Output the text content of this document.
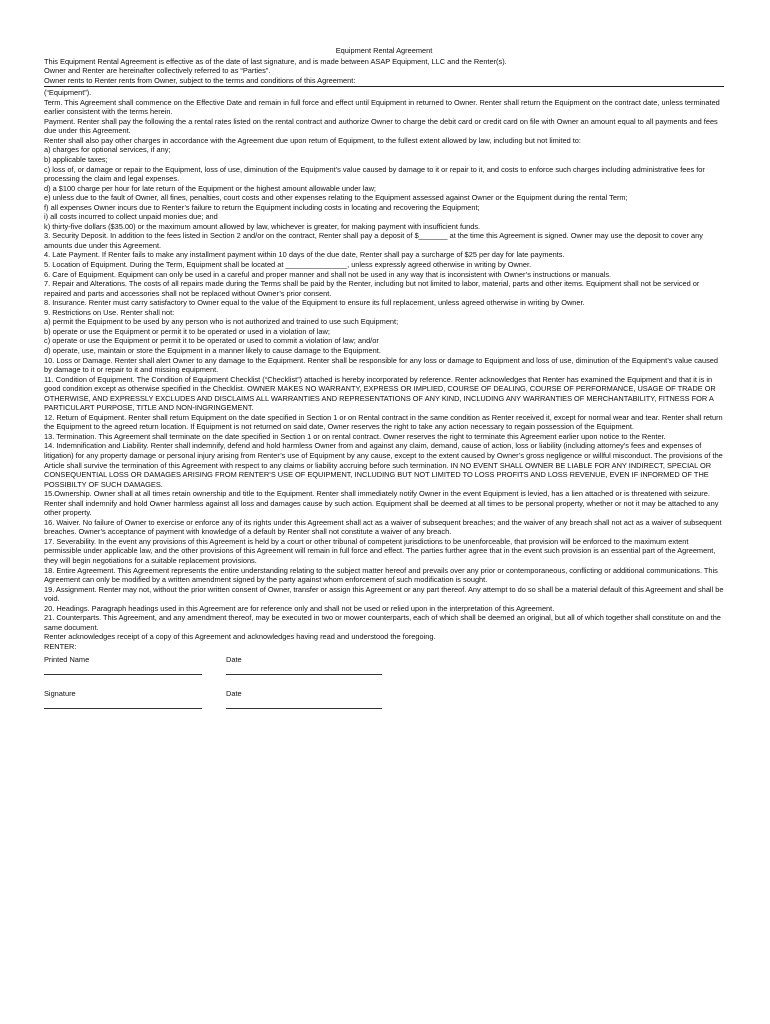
Equipment Rental Agreement
This Equipment Rental Agreement is effective as of the date of last signature, and is made between ASAP Equipment, LLC and the Renter(s).
Owner and Renter are hereinafter collectively referred to as “Parties”.
Owner rents to Renter rents from Owner, subject to the terms and conditions of this Agreement:
(“Equipment”).
Term. This Agreement shall commence on the Effective Date and remain in full force and effect until Equipment in returned to Owner. Renter shall return the Equipment on the contract date, unless terminated earlier consistent with the terms herein.
Payment. Renter shall pay the following the a rental rates listed on the rental contract and authorize Owner to charge the debit card or credit card on file with Owner an amount equal to all payments and fees due under this Agreement.
Renter shall also pay other charges in accordance with the Agreement due upon return of Equipment, to the fullest extent allowed by law, including but not limited to:
a) charges for optional services, if any;
b) applicable taxes;
c) loss of, or damage or repair to the Equipment, loss of use, diminution of the Equipment’s value caused by damage to it or repair to it, and costs to enforce such charges including administrative fees for processing the claim and legal expenses.
d) a $100 charge per hour for late return of the Equipment or the highest amount allowable under law;
e) unless due to the fault of Owner, all fines, penalties, court costs and other expenses relating to the Equipment assessed against Owner or the Equipment during the rental Term;
f) all expenses Owner incurs due to Renter’s failure to return the Equipment including costs in locating and recovering the Equipment;
i) all costs incurred to collect unpaid monies due; and
k) thirty-five dollars ($35.00) or the maximum amount allowed by law, whichever is greater, for making payment with insufficient funds.
3. Security Deposit. In addition to the fees listed in Section 2 and/or on the contract, Renter shall pay a deposit of $_______ at the time this Agreement is signed. Owner may use the deposit to cover any amounts due under this Agreement.
4. Late Payment. If Renter fails to make any installment payment within 10 days of the due date, Renter shall pay a surcharge of $25 per day for late payments.
5. Location of Equipment. During the Term, Equipment shall be located at _______________, unless expressly agreed otherwise in writing by Owner.
6. Care of Equipment. Equipment can only be used in a careful and proper manner and shall not be used in any way that is inconsistent with Owner’s instructions or manuals.
7. Repair and Alterations. The costs of all repairs made during the Terms shall be paid by the Renter, including but not limited to labor, material, parts and other items. Equipment shall not be serviced or repaired and parts and accessories shall not be replaced without Owner’s prior consent.
8. Insurance. Renter must carry satisfactory to Owner equal to the value of the Equipment to ensure its full replacement, unless agreed otherwise in writing by Owner.
9. Restrictions on Use. Renter shall not:
a) permit the Equipment to be used by any person who is not authorized and trained to use such Equipment;
b) operate or use the Equipment or permit it to be operated or used in a violation of law;
c) operate or use the Equipment or permit it to be operated or used to commit a violation of law; and/or
d) operate, use, maintain or store the Equipment in a manner likely to cause damage to the Equipment.
10. Loss or Damage. Renter shall alert Owner to any damage to the Equipment. Renter shall be responsible for any loss or damage to Equipment and loss of use, diminution of the Equipment’s value caused by damage to it or repair to it and missing equipment.
11. Condition of Equipment. The Condition of Equipment Checklist (“Checklist”) attached is hereby incorporated by reference. Renter acknowledges that Renter has examined the Equipment and that it is in good condition except as otherwise specified in the Checklist. OWNER MAKES NO WARRANTY, EXPRESS OR IMPLIED, COURSE OF DEALING, COURSE OF PERFORMANCE, USAGE OF TRADE OR OTHERWISE, AND EXPRESSLY EXCLUDES AND DISCLAIMS ALL WARRANTIES AND REPRESENTATIONS OF ANY KIND, INCLUDING ANY WARRANTIES OF MERCHANTABILITY, FITNESS FOR A PARTICULART PURPOSE, TITLE AND NON-INGRINGEMENT.
12. Return of Equipment. Renter shall return Equipment on the date specified in Section 1 or on Rental contract in the same condition as Renter received it, except for normal wear and tear. Renter shall return the Equipment to the agreed return location. If Equipment is not returned on said date, Owner reserves the right to take any action necessary to regain possession of the Equipment.
13. Termination. This Agreement shall terminate on the date specified in Section 1 or on rental contract. Owner reserves the right to terminate this Agreement earlier upon notice to the Renter.
14. Indemnification and Liability. Renter shall indemnify, defend and hold harmless Owner from and against any claim, demand, cause of action, loss or liability (including attorney’s fees and expenses of litigation) for any property damage or personal injury arising from Renter’s use of Equipment by any cause, except to the extent caused by Owner’s gross negligence or willful misconduct. The provisions of the Article shall survive the termination of this Agreement with respect to any claims or liability accruing before such termination. IN NO EVENT SHALL OWNER BE LIABLE FOR ANY INDIRECT, SPECIAL OR CONSEQUENTIAL LOSS OR DAMAGES ARISING FROM RENTER’S USE OF EQUIPMENT, INCLUDING BUT NOT LIMITED TO LOSS PROFITS AND LOSS REVENUE, EVEN IF INFORMED OF THE POSSIBILTY OF SUCH DAMAGES.
15.Ownership. Owner shall at all times retain ownership and title to the Equipment. Renter shall immediately notify Owner in the event Equipment is levied, has a lien attached or is threatened with seizure. Renter shall indemnify and hold Owner harmless against all loss and damages cause by such action. Equipment shall be deemed at all times to be personal property, whether or not it may be attached to any other property.
16. Waiver. No failure of Owner to exercise or enforce any of its rights under this Agreement shall act as a waiver of subsequent breaches; and the waiver of any breach shall not act as a waiver of subsequent breaches. Owner’s acceptance of payment with knowledge of a default by Renter shall not constitute a waiver of any breach.
17. Severability. In the event any provisions of this Agreement is held by a court or other tribunal of competent jurisdictions to be unenforceable, that provision will be enforced to the maximum extent permissible under applicable law, and the other provisions of this Agreement will remain in full force and effect. The parties further agree that in the event such provision is an essential part of the Agreement, they will begin negotiations for a suitable replacement provisions.
18. Entire Agreement. This Agreement represents the entire understanding relating to the subject matter hereof and prevails over any prior or contemporaneous, conflicting or additional communications. This Agreement can only be modified by a written amendment signed by the party against whom enforcement of such modification is sought.
19. Assignment. Renter may not, without the prior written consent of Owner, transfer or assign this Agreement or any part thereof. Any attempt to do so shall be a material default of this Agreement and shall be void.
20. Headings. Paragraph headings used in this Agreement are for reference only and shall not be used or relied upon in the interpretation of this Agreement.
21. Counterparts. This Agreement, and any amendment thereof, may be executed in two or mower counterparts, each of which shall be deemed an original, but all of which together shall constitute on and the same document.
Renter acknowledges receipt of a copy of this Agreement and acknowledges having read and understood the foregoing.
RENTER:
Printed Name	Date
Signature	Date
